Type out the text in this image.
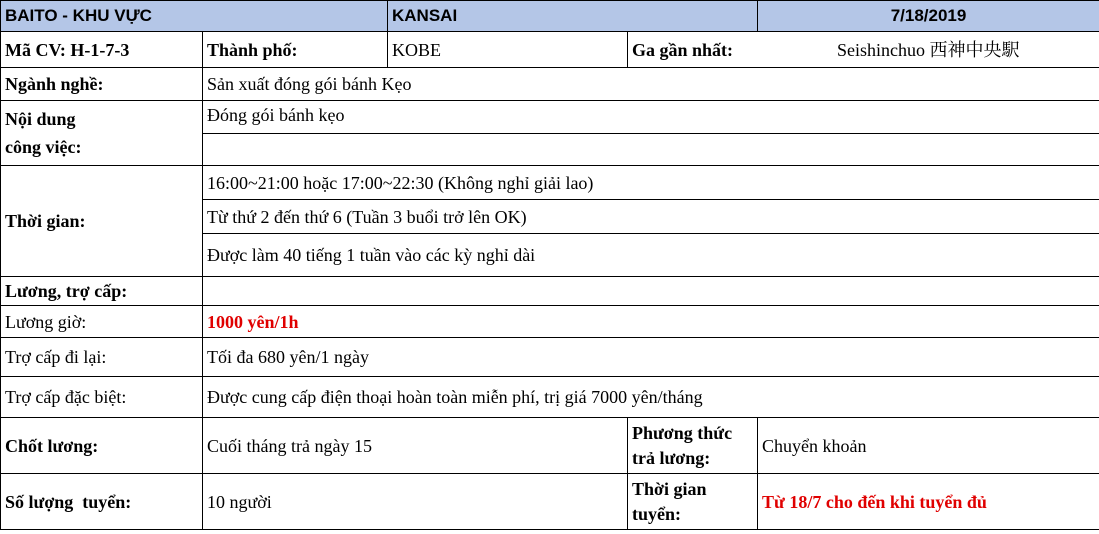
BAITO - KHU VỰC		KANSAI		7/18/2019
Mã CV: H-1-7-3	Thành phố:	KOBE	Ga gần nhất:	Seishinchuo 西神中央駅
Ngành nghề:	Sản xuất đóng gói bánh Kẹo			

Nội dung
công việc:	Đóng gói bánh kẹo			

Thời gian:	16:00~21:00 hoặc 17:00~22:30 (Không nghỉ giải lao)			
	Từ thứ 2 đến thứ 6 (Tuần 3 buổi trở lên OK)			
	Được làm 40 tiếng 1 tuần vào các kỳ nghỉ dài			
Lương, trợ cấp:				
Lương giờ:	1000 yên/1h			
Trợ cấp đi lại:	Tối đa 680 yên/1 ngày			
Trợ cấp đặc biệt:	Được cung cấp điện thoại hoàn toàn miễn phí, trị giá 7000 yên/tháng			
Chốt lương:	Cuối tháng trả ngày 15		Phương thức
trả lương:	Chuyển khoản
Số lượng  tuyển:	10 người		Thời gian
tuyển:	Từ 18/7 cho đến khi tuyển đủ
